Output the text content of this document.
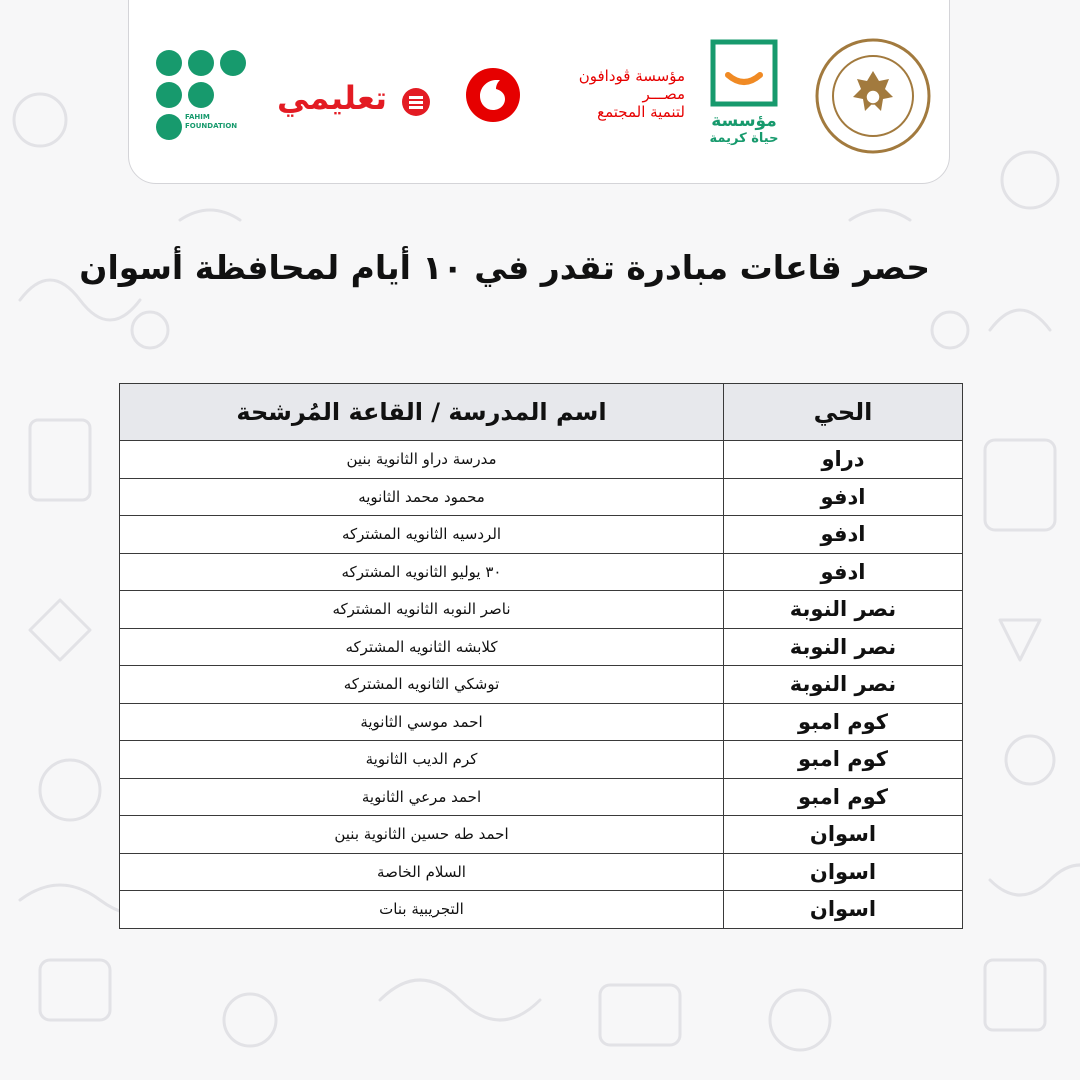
مؤسسة
حياة كريمة
مؤسسة ڤودافون
مصـــر
لتنمية المجتمع
تعليمي
FAHIM
FOUNDATION
حصر قاعات مبادرة تقدر في ١٠ أيام لمحافظة أسوان
الحي	اسم المدرسة / القاعة المُرشحة
دراو	مدرسة دراو الثانوية بنين
ادفو	محمود محمد الثانويه
ادفو	الردسيه الثانويه المشتركه
ادفو	٣٠ يوليو الثانويه المشتركه
نصر النوبة	ناصر النوبه الثانويه المشتركه
نصر النوبة	كلابشه الثانويه المشتركه
نصر النوبة	توشكي الثانويه المشتركه
كوم امبو	احمد موسي الثانوية
كوم امبو	كرم الديب الثانوية
كوم امبو	احمد مرعي الثانوية
اسوان	احمد طه حسين الثانوية بنين
اسوان	السلام الخاصة
اسوان	التجريبية بنات
